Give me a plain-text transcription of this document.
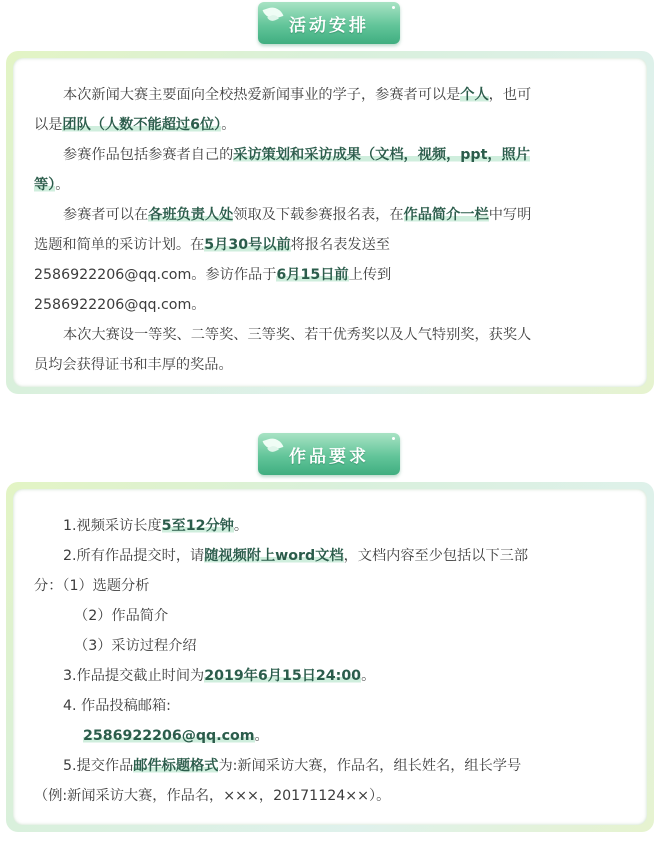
活动安排
本次新闻大赛主要面向全校热爱新闻事业的学子，参赛者可以是个人，也可
以是团队（人数不能超过6位）。
参赛作品包括参赛者自己的采访策划和采访成果（文档，视频，ppt，照片
等）。
参赛者可以在各班负责人处领取及下载参赛报名表，在作品简介一栏中写明
选题和简单的采访计划。在5月30号以前将报名表发送至
2586922206@qq.com。参访作品于6月15日前上传到
2586922206@qq.com。
本次大赛设一等奖、二等奖、三等奖、若干优秀奖以及人气特别奖，获奖人
员均会获得证书和丰厚的奖品。
作品要求
1.视频采访长度5至12分钟。
2.所有作品提交时，请随视频附上word文档，文档内容至少包括以下三部
分：（1）选题分析
（2）作品简介
（3）采访过程介绍
3.作品提交截止时间为2019年6月15日24:00。
4. 作品投稿邮箱:
2586922206@qq.com。
5.提交作品邮件标题格式为:新闻采访大赛，作品名，组长姓名，组长学号
（例:新闻采访大赛，作品名，×××，20171124××）。
